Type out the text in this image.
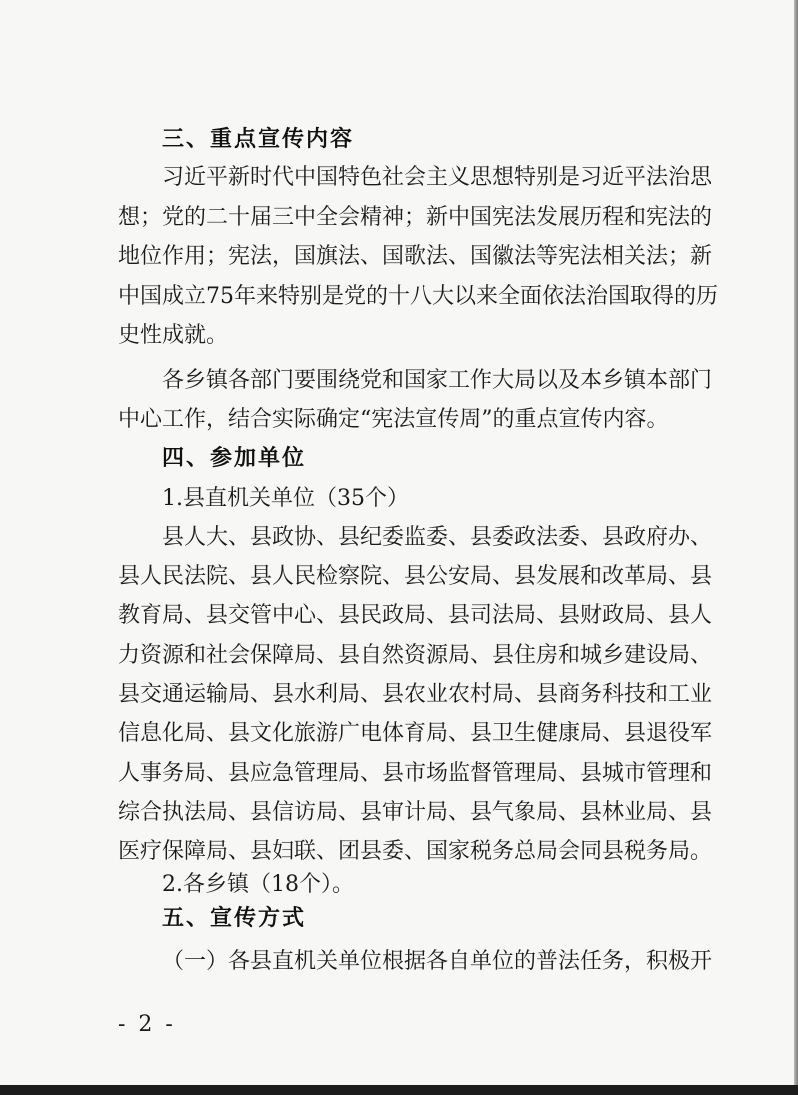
三、重点宣传内容

习近平新时代中国特色社会主义思想特别是习近平法治思

想；党的二十届三中全会精神；新中国宪法发展历程和宪法的

地位作用；宪法，国旗法、国歌法、国徽法等宪法相关法；新

中国成立75年来特别是党的十八大以来全面依法治国取得的历

史性成就。

各乡镇各部门要围绕党和国家工作大局以及本乡镇本部门

中心工作，结合实际确定“宪法宣传周”的重点宣传内容。

四、参加单位

1.县直机关单位（35个）

县人大、县政协、县纪委监委、县委政法委、县政府办、

县人民法院、县人民检察院、县公安局、县发展和改革局、县

教育局、县交管中心、县民政局、县司法局、县财政局、县人

力资源和社会保障局、县自然资源局、县住房和城乡建设局、

县交通运输局、县水利局、县农业农村局、县商务科技和工业

信息化局、县文化旅游广电体育局、县卫生健康局、县退役军

人事务局、县应急管理局、县市场监督管理局、县城市管理和

综合执法局、县信访局、县审计局、县气象局、县林业局、县

医疗保障局、县妇联、团县委、国家税务总局会同县税务局。

2.各乡镇（18个）。

五、宣传方式

（一）各县直机关单位根据各自单位的普法任务，积极开

- 2 -
